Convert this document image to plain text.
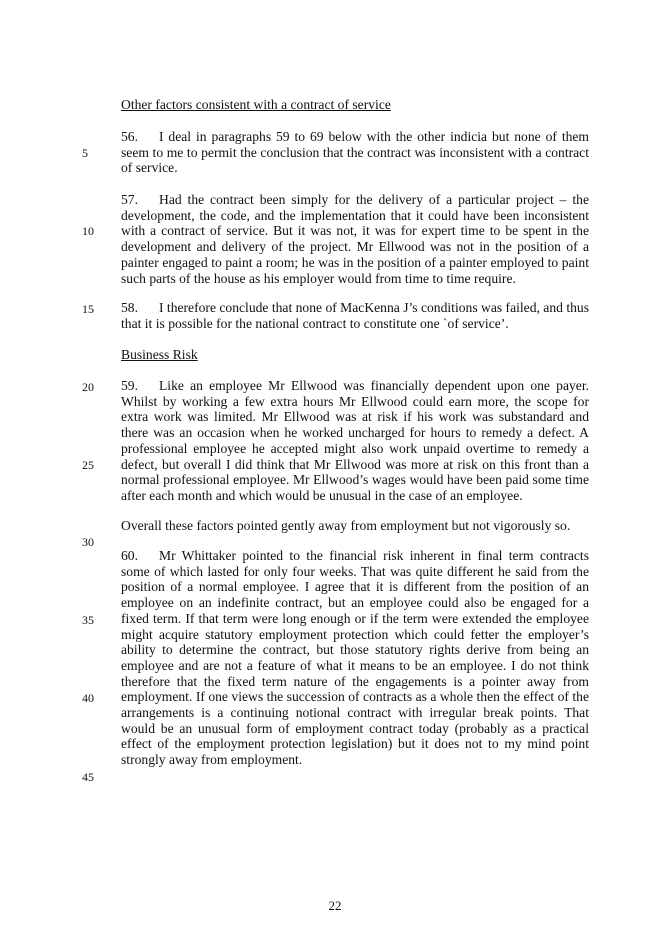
Other factors consistent with a contract of service

56. I deal in paragraphs 59 to 69 below with the other indicia but none of them seem to me to permit the conclusion that the contract was inconsistent with a contract of service.

57. Had the contract been simply for the delivery of a particular project – the development, the code, and the implementation that it could have been inconsistent with a contract of service. But it was not, it was for expert time to be spent in the development and delivery of the project. Mr Ellwood was not in the position of a painter engaged to paint a room; he was in the position of a painter employed to paint such parts of the house as his employer would from time to time require.

58. I therefore conclude that none of MacKenna J’s conditions was failed, and thus that it is possible for the national contract to constitute one `of service’.

Business Risk

59. Like an employee Mr Ellwood was financially dependent upon one payer. Whilst by working a few extra hours Mr Ellwood could earn more, the scope for extra work was limited. Mr Ellwood was at risk if his work was substandard and there was an occasion when he worked uncharged for hours to remedy a defect. A professional employee he accepted might also work unpaid overtime to remedy a defect, but overall I did think that Mr Ellwood was more at risk on this front than a normal professional employee. Mr Ellwood’s wages would have been paid some time after each month and which would be unusual in the case of an employee.

Overall these factors pointed gently away from employment but not vigorously so.

60. Mr Whittaker pointed to the financial risk inherent in final term contracts some of which lasted for only four weeks. That was quite different he said from the position of a normal employee. I agree that it is different from the position of an employee on an indefinite contract, but an employee could also be engaged for a fixed term. If that term were long enough or if the term were extended the employee might acquire statutory employment protection which could fetter the employer’s ability to determine the contract, but those statutory rights derive from being an employee and are not a feature of what it means to be an employee. I do not think therefore that the fixed term nature of the engagements is a pointer away from employment. If one views the succession of contracts as a whole then the effect of the arrangements is a continuing notional contract with irregular break points. That would be an unusual form of employment contract today (probably as a practical effect of the employment protection legislation) but it does not to my mind point strongly away from employment.

5
10
15
20
25
30
35
40
45
22
